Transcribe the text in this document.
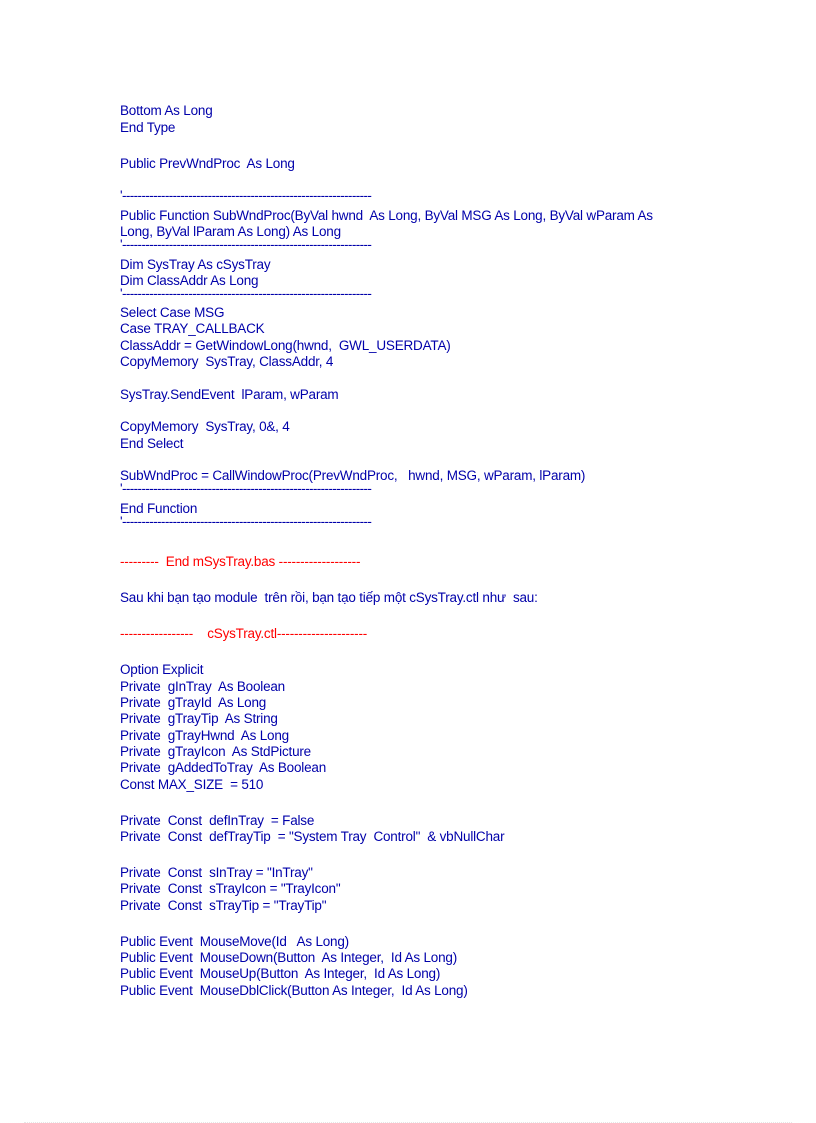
Bottom As Long
End Type
Public PrevWndProc  As Long
'----------------------------------------------------------------
Public Function SubWndProc(ByVal hwnd  As Long, ByVal MSG As Long, ByVal wParam As
Long, ByVal lParam As Long) As Long
'----------------------------------------------------------------
Dim SysTray As cSysTray
Dim ClassAddr As Long
'----------------------------------------------------------------
Select Case MSG
Case TRAY_CALLBACK
ClassAddr = GetWindowLong(hwnd,  GWL_USERDATA)
CopyMemory  SysTray, ClassAddr, 4
SysTray.SendEvent  lParam, wParam
CopyMemory  SysTray, 0&, 4
End Select
SubWndProc = CallWindowProc(PrevWndProc,   hwnd, MSG, wParam, lParam)
'----------------------------------------------------------------
End Function
'----------------------------------------------------------------
---------  End mSysTray.bas -------------------
Sau khi bạn tạo module  trên rồi, bạn tạo tiếp một cSysTray.ctl như  sau:
-----------------    cSysTray.ctl---------------------
Option Explicit
Private  gInTray  As Boolean
Private  gTrayId  As Long
Private  gTrayTip  As String
Private  gTrayHwnd  As Long
Private  gTrayIcon  As StdPicture
Private  gAddedToTray  As Boolean
Const MAX_SIZE  = 510
Private  Const  defInTray  = False
Private  Const  defTrayTip  = "System Tray  Control"  & vbNullChar
Private  Const  sInTray = "InTray"
Private  Const  sTrayIcon = "TrayIcon"
Private  Const  sTrayTip = "TrayTip"
Public Event  MouseMove(Id   As Long)
Public Event  MouseDown(Button  As Integer,  Id As Long)
Public Event  MouseUp(Button  As Integer,  Id As Long)
Public Event  MouseDblClick(Button As Integer,  Id As Long)
